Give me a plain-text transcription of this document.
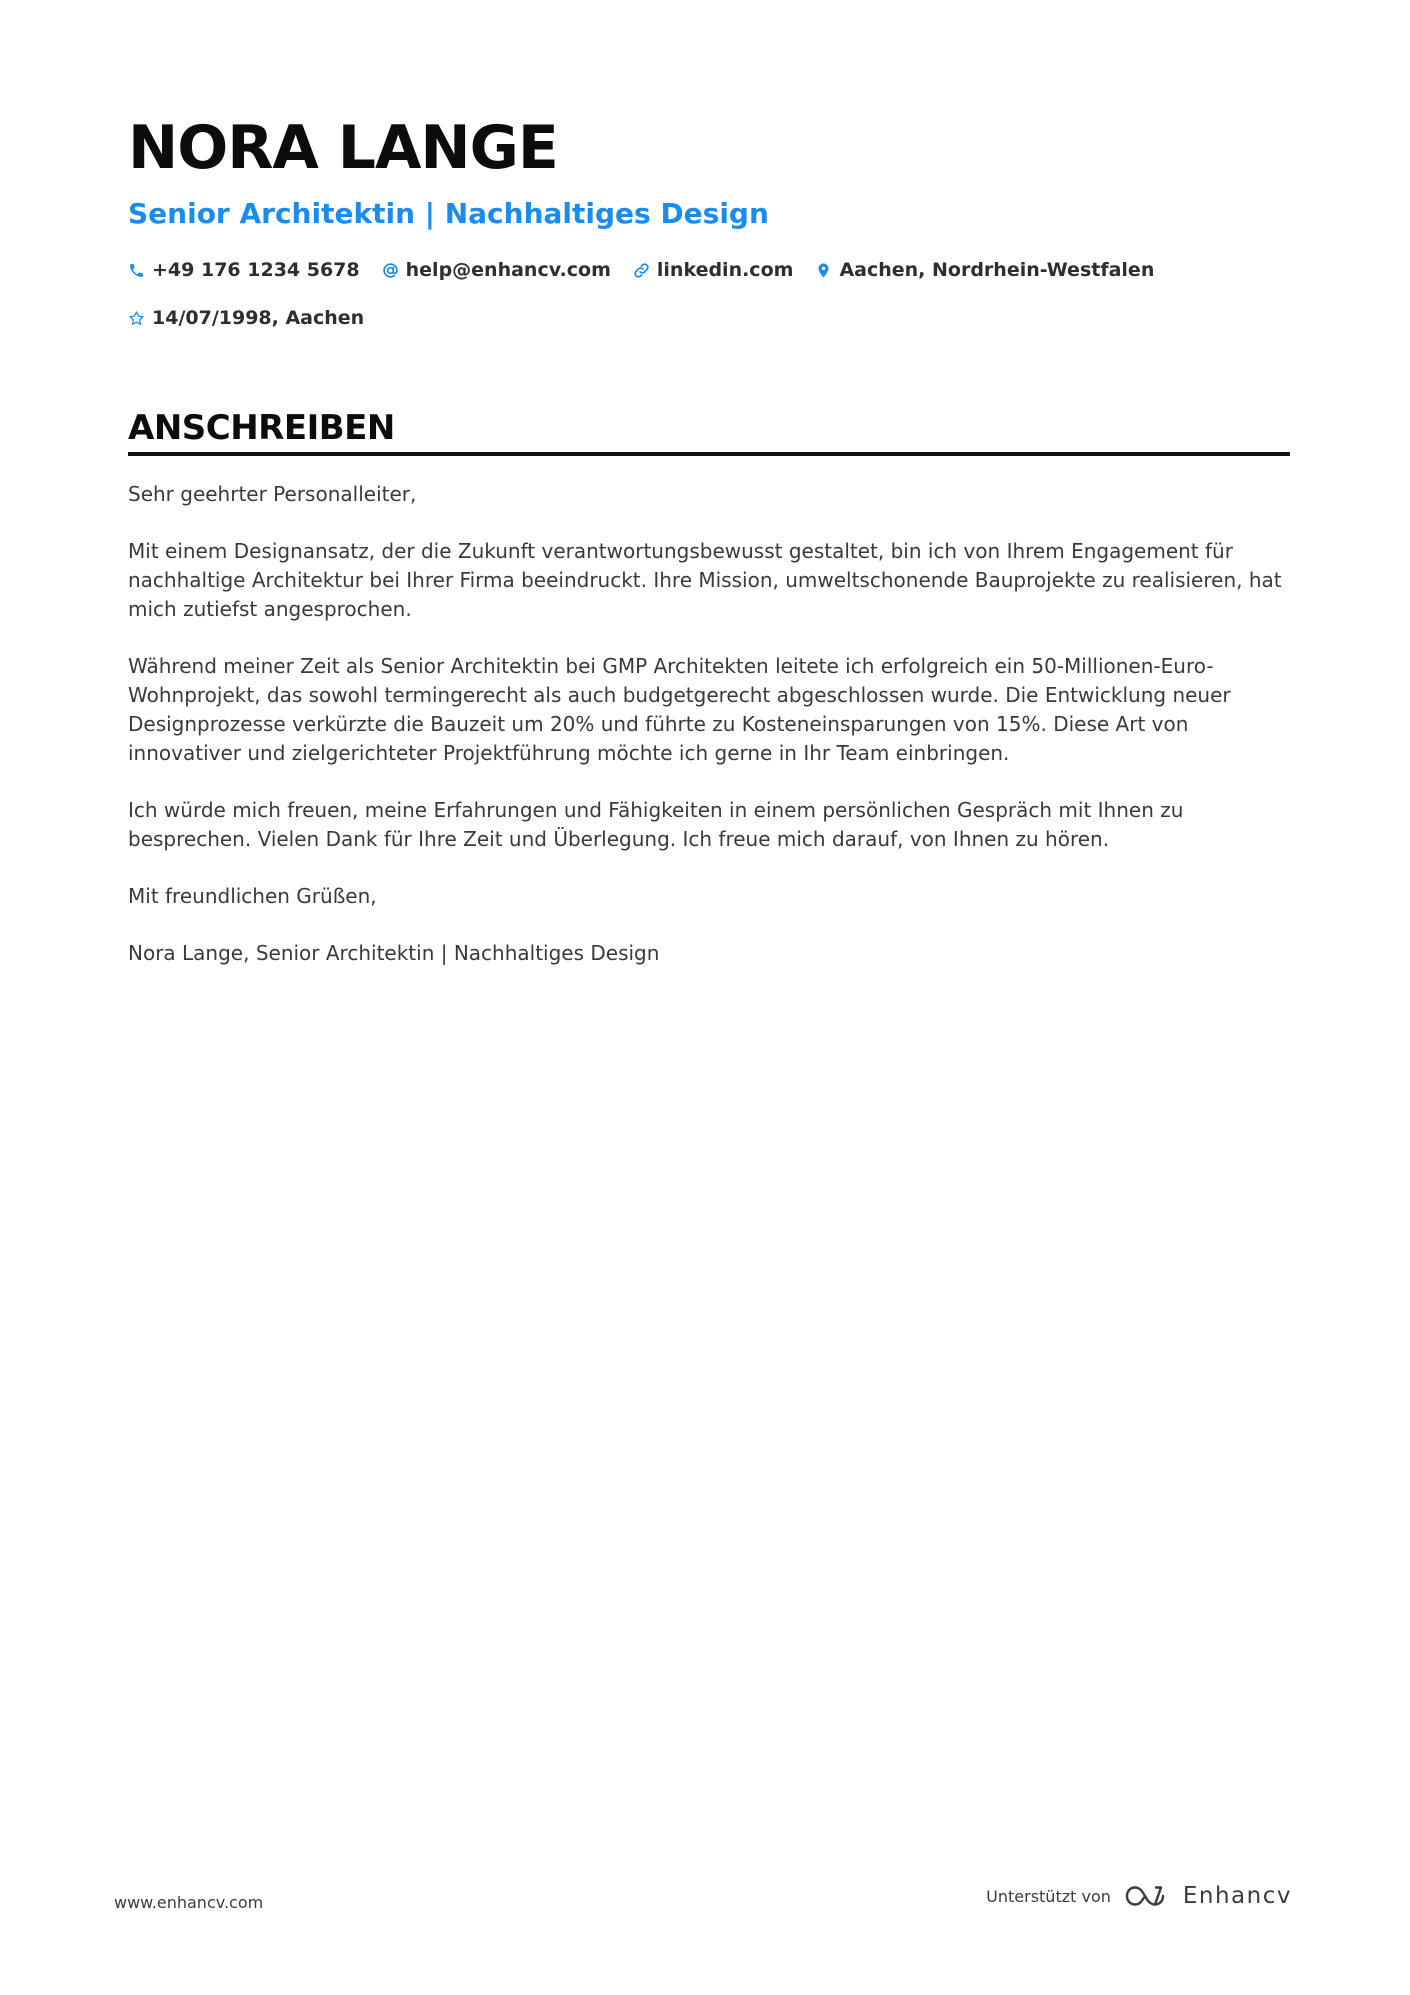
NORA LANGE
Senior Architektin | Nachhaltiges Design
+49 176 1234 5678 help@enhancv.com linkedin.com Aachen, Nordrhein-Westfalen
14/07/1998, Aachen
ANSCHREIBEN

Sehr geehrter Personalleiter,

Mit einem Designansatz, der die Zukunft verantwortungsbewusst gestaltet, bin ich von Ihrem Engagement für nachhaltige Architektur bei Ihrer Firma beeindruckt. Ihre Mission, umweltschonende Bauprojekte zu realisieren, hat mich zutiefst angesprochen.

Während meiner Zeit als Senior Architektin bei GMP Architekten leitete ich erfolgreich ein 50-Millionen-Euro-Wohnprojekt, das sowohl termingerecht als auch budgetgerecht abgeschlossen wurde. Die Entwicklung neuer Designprozesse verkürzte die Bauzeit um 20% und führte zu Kosteneinsparungen von 15%. Diese Art von innovativer und zielgerichteter Projektführung möchte ich gerne in Ihr Team einbringen.

Ich würde mich freuen, meine Erfahrungen und Fähigkeiten in einem persönlichen Gespräch mit Ihnen zu besprechen. Vielen Dank für Ihre Zeit und Überlegung. Ich freue mich darauf, von Ihnen zu hören.

Mit freundlichen Grüßen,

Nora Lange, Senior Architektin | Nachhaltiges Design

www.enhancv.com	Unterstützt von	Enhancv
